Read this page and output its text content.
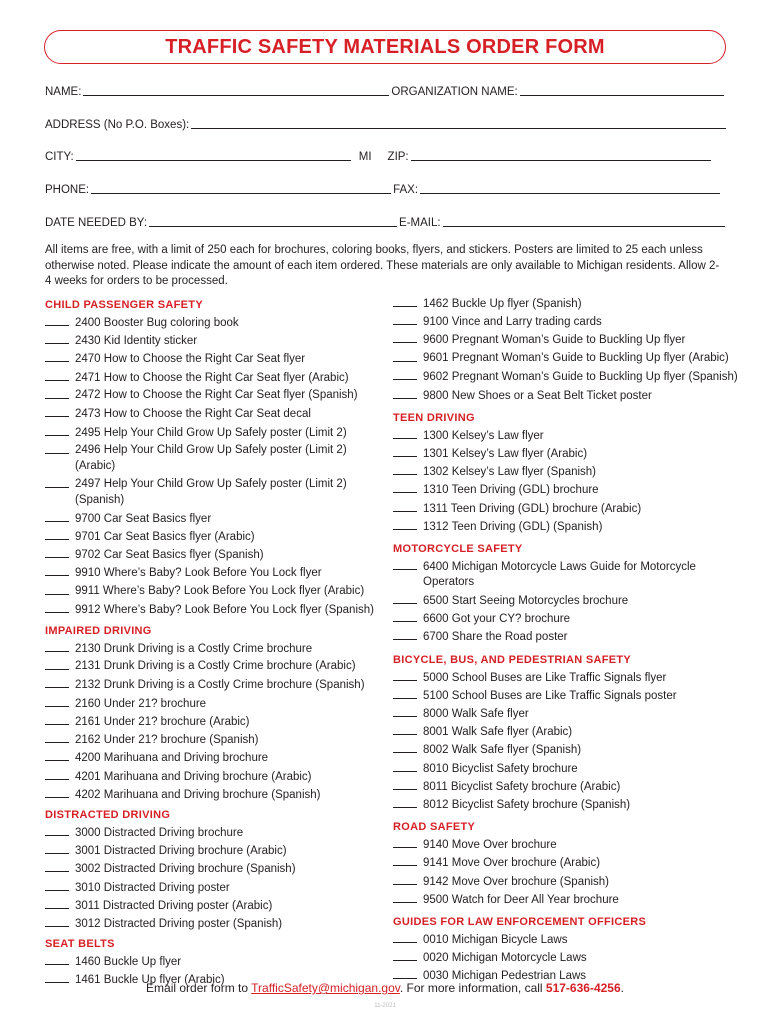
TRAFFIC SAFETY MATERIALS ORDER FORM
NAME:	ORGANIZATION NAME:
ADDRESS (No P.O. Boxes):
CITY:	MI ZIP:
PHONE:	FAX:
DATE NEEDED BY:	E-MAIL:

All items are free, with a limit of 250 each for brochures, coloring books, flyers, and stickers. Posters are limited to 25 each unless otherwise noted. Please indicate the amount of each item ordered. These materials are only available to Michigan residents. Allow 2-4 weeks for orders to be processed.

CHILD PASSENGER SAFETY
2400 Booster Bug coloring book
2430 Kid Identity sticker
2470 How to Choose the Right Car Seat flyer
2471 How to Choose the Right Car Seat flyer (Arabic)
2472 How to Choose the Right Car Seat flyer (Spanish)
2473 How to Choose the Right Car Seat decal
2495 Help Your Child Grow Up Safely poster (Limit 2)
2496 Help Your Child Grow Up Safely poster (Limit 2) (Arabic)
2497 Help Your Child Grow Up Safely poster (Limit 2) (Spanish)
9700 Car Seat Basics flyer
9701 Car Seat Basics flyer (Arabic)
9702 Car Seat Basics flyer (Spanish)
9910 Where’s Baby? Look Before You Lock flyer
9911 Where’s Baby? Look Before You Lock flyer (Arabic)
9912 Where’s Baby? Look Before You Lock flyer (Spanish)
IMPAIRED DRIVING
2130 Drunk Driving is a Costly Crime brochure
2131 Drunk Driving is a Costly Crime brochure (Arabic)
2132 Drunk Driving is a Costly Crime brochure (Spanish)
2160 Under 21? brochure
2161 Under 21? brochure (Arabic)
2162 Under 21? brochure (Spanish)
4200 Marihuana and Driving brochure
4201 Marihuana and Driving brochure (Arabic)
4202 Marihuana and Driving brochure (Spanish)
DISTRACTED DRIVING
3000 Distracted Driving brochure
3001 Distracted Driving brochure (Arabic)
3002 Distracted Driving brochure (Spanish)
3010 Distracted Driving poster
3011 Distracted Driving poster (Arabic)
3012 Distracted Driving poster (Spanish)
SEAT BELTS
1460 Buckle Up flyer
1461 Buckle Up flyer (Arabic)
1462 Buckle Up flyer (Spanish)
9100 Vince and Larry trading cards
9600 Pregnant Woman’s Guide to Buckling Up flyer
9601 Pregnant Woman’s Guide to Buckling Up flyer (Arabic)
9602 Pregnant Woman’s Guide to Buckling Up flyer (Spanish)
9800 New Shoes or a Seat Belt Ticket poster
TEEN DRIVING
1300 Kelsey’s Law flyer
1301 Kelsey’s Law flyer (Arabic)
1302 Kelsey’s Law flyer (Spanish)
1310 Teen Driving (GDL) brochure
1311 Teen Driving (GDL) brochure (Arabic)
1312 Teen Driving (GDL) (Spanish)
MOTORCYCLE SAFETY
6400 Michigan Motorcycle Laws Guide for Motorcycle Operators
6500 Start Seeing Motorcycles brochure
6600 Got your CY? brochure
6700 Share the Road poster
BICYCLE, BUS, AND PEDESTRIAN SAFETY
5000 School Buses are Like Traffic Signals flyer
5100 School Buses are Like Traffic Signals poster
8000 Walk Safe flyer
8001 Walk Safe flyer (Arabic)
8002 Walk Safe flyer (Spanish)
8010 Bicyclist Safety brochure
8011 Bicyclist Safety brochure (Arabic)
8012 Bicyclist Safety brochure (Spanish)
ROAD SAFETY
9140 Move Over brochure
9141 Move Over brochure (Arabic)
9142 Move Over brochure (Spanish)
9500 Watch for Deer All Year brochure
GUIDES FOR LAW ENFORCEMENT OFFICERS
0010 Michigan Bicycle Laws
0020 Michigan Motorcycle Laws
0030 Michigan Pedestrian Laws
Email order form to TrafficSafety@michigan.gov. For more information, call 517-636-4256.
11-2021
